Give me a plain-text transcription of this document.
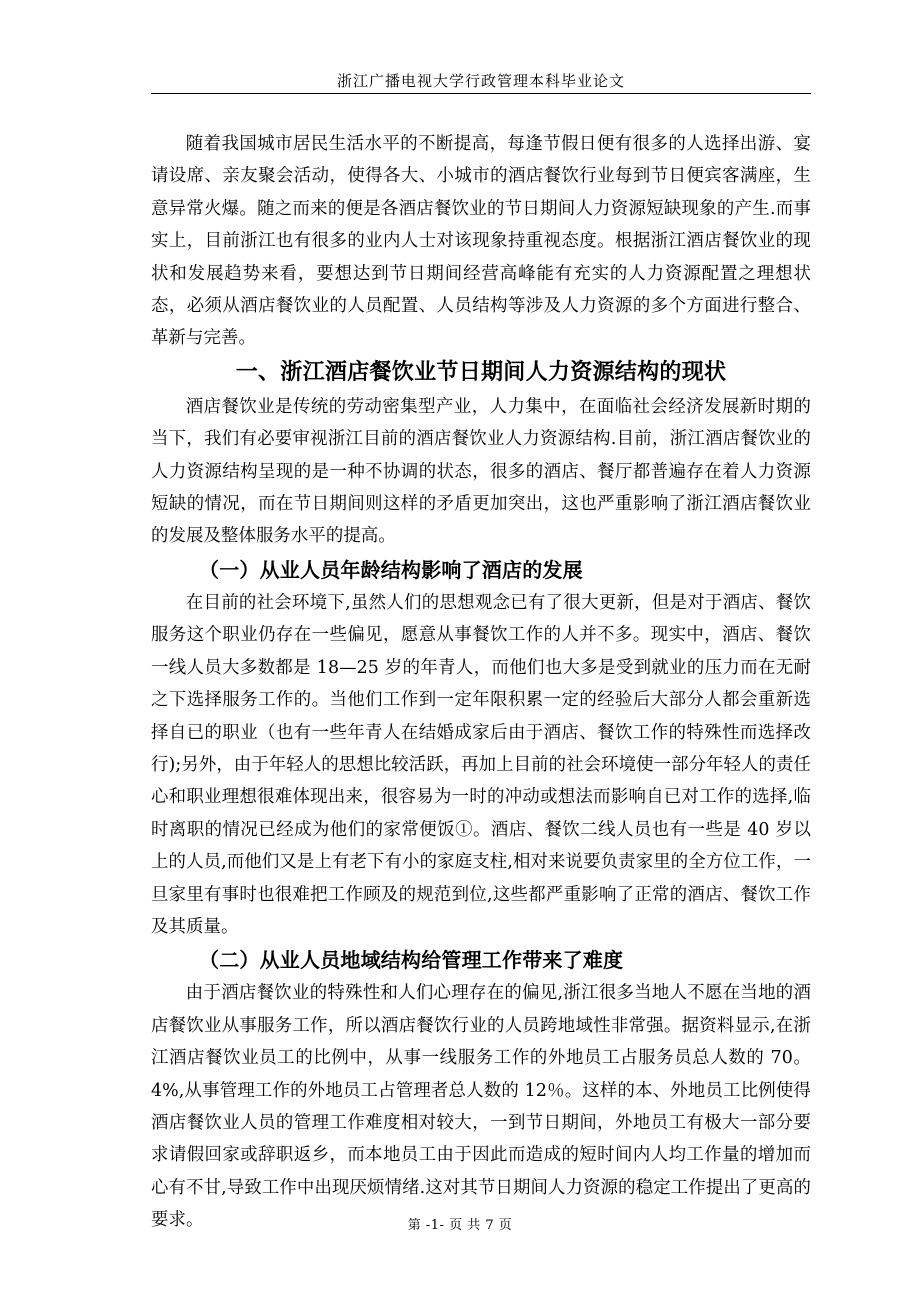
浙江广播电视大学行政管理本科毕业论文

随着我国城市居民生活水平的不断提高，每逢节假日便有很多的人选择出游、宴请设席、亲友聚会活动，使得各大、小城市的酒店餐饮行业每到节日便宾客满座，生意异常火爆。随之而来的便是各酒店餐饮业的节日期间人力资源短缺现象的产生.而事实上，目前浙江也有很多的业内人士对该现象持重视态度。根据浙江酒店餐饮业的现状和发展趋势来看，要想达到节日期间经营高峰能有充实的人力资源配置之理想状态，必须从酒店餐饮业的人员配置、人员结构等涉及人力资源的多个方面进行整合、革新与完善。

一、浙江酒店餐饮业节日期间人力资源结构的现状

酒店餐饮业是传统的劳动密集型产业，人力集中，在面临社会经济发展新时期的当下，我们有必要审视浙江目前的酒店餐饮业人力资源结构.目前，浙江酒店餐饮业的人力资源结构呈现的是一种不协调的状态，很多的酒店、餐厅都普遍存在着人力资源短缺的情况，而在节日期间则这样的矛盾更加突出，这也严重影响了浙江酒店餐饮业的发展及整体服务水平的提高。

（一）从业人员年龄结构影响了酒店的发展

在目前的社会环境下,虽然人们的思想观念已有了很大更新，但是对于酒店、餐饮服务这个职业仍存在一些偏见，愿意从事餐饮工作的人并不多。现实中，酒店、餐饮一线人员大多数都是 18—25 岁的年青人，而他们也大多是受到就业的压力而在无耐之下选择服务工作的。当他们工作到一定年限积累一定的经验后大部分人都会重新选择自已的职业（也有一些年青人在结婚成家后由于酒店、餐饮工作的特殊性而选择改行);另外，由于年轻人的思想比较活跃，再加上目前的社会环境使一部分年轻人的责任心和职业理想很难体现出来，很容易为一时的冲动或想法而影响自已对工作的选择,临时离职的情况已经成为他们的家常便饭①。酒店、餐饮二线人员也有一些是 40 岁以上的人员,而他们又是上有老下有小的家庭支柱,相对来说要负责家里的全方位工作，一旦家里有事时也很难把工作顾及的规范到位,这些都严重影响了正常的酒店、餐饮工作及其质量。

（二）从业人员地域结构给管理工作带来了难度

由于酒店餐饮业的特殊性和人们心理存在的偏见,浙江很多当地人不愿在当地的酒店餐饮业从事服务工作，所以酒店餐饮行业的人员跨地域性非常强。据资料显示,在浙江酒店餐饮业员工的比例中，从事一线服务工作的外地员工占服务员总人数的 70。4%,从事管理工作的外地员工占管理者总人数的 12％。这样的本、外地员工比例使得酒店餐饮业人员的管理工作难度相对较大，一到节日期间，外地员工有极大一部分要求请假回家或辞职返乡，而本地员工由于因此而造成的短时间内人均工作量的增加而心有不甘,导致工作中出现厌烦情绪.这对其节日期间人力资源的稳定工作提出了更高的要求。	第 -1- 页 共 7 页
